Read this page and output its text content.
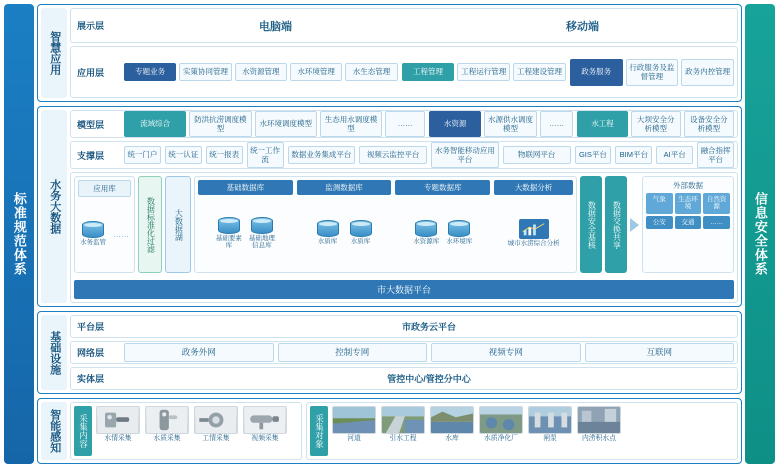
标准规范体系
智慧应用
展示层	电脑端	移动端
应用层	专题业务	实策协同管理	水资源管理	水环境管理	水生态管理	工程管理	工程运行管理	工程建设管理	政务服务
行政服务及监督管理
政务内控管理
水务大数据
模型层	流域综合
防洪抗涝调度模型
水环境调度模型
生态用水调度模型
……	水资源
水源供水调度模型
……	水工程
大坝安全分析模型
设备安全分析模型
支撑层	统一门户	统一认证	统一报表
统一工作流
数据业务集成平台	视频云监控平台
水务智能移动应用平台
物联网平台	GIS平台	BIM平台	AI平台
融合指挥平台
应用库
水务监管
……	数据标准化过滤	大数据湖
基础数据库
基础要素库
基础地理信息库
监测数据库
水质库 水质库
专题数据库
水资源库 水环境库
大数据分析
城市水涝综合分析	数据安全基核	数据交换共享
外部数据
气象	生态环境
自然资源
公安	交通	……
市大数据平台
基础设施
平台层	市政务云平台
网络层	政务外网	控制专网	视频专网	互联网
实体层	管控中心/管控分中心
智能感知 采集内容 水情采集	水质采集	工情采集	视频采集	采集对象	河道	引水工程	水库	水质净化厂	闸泵	内涝积水点
信息安全体系
